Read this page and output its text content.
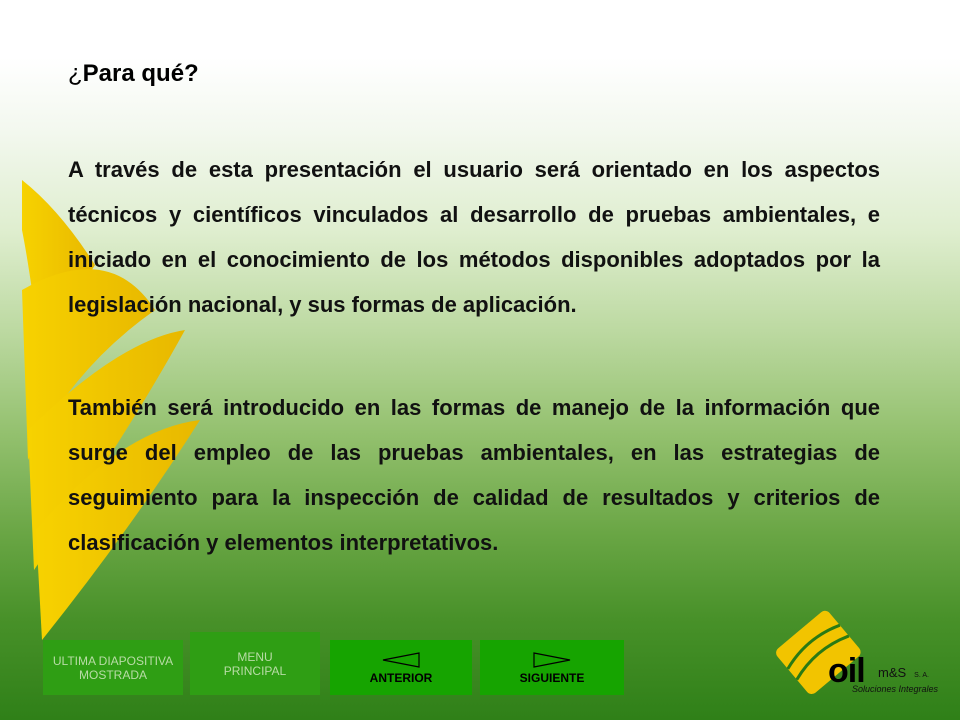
¿Para qué?

A través de esta presentación el usuario será orientado en los aspectos técnicos y científicos vinculados al desarrollo de pruebas ambientales, e iniciado en el conocimiento de los métodos disponibles adoptados por la legislación nacional, y sus formas de aplicación.

También será introducido en las formas de manejo de la información que surge del empleo de las pruebas ambientales, en las estrategias de seguimiento para la inspección de calidad de resultados y criterios de clasificación y elementos interpretativos.

ULTIMA DIAPOSITIVA
MOSTRADA
MENU
PRINCIPAL	ANTERIOR	SIGUIENTE	oil m&S S. A.
Soluciones Integrales
